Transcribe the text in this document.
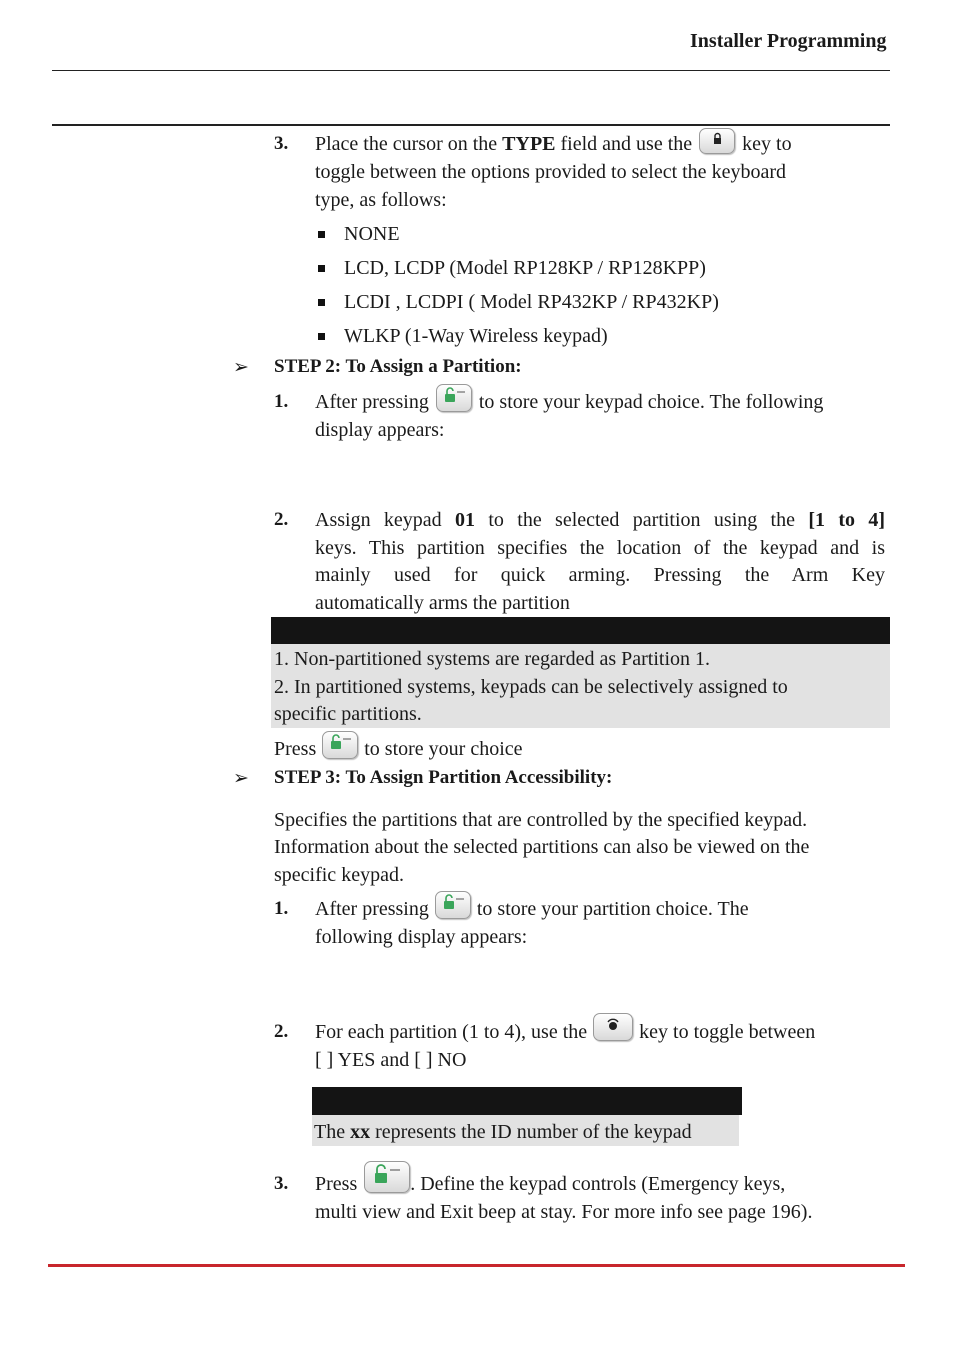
Installer Programming
3. Place the cursor on the TYPE field and use the	key to
toggle between the options provided to select the keyboard
type, as follows:
NONE
LCD, LCDP (Model RP128KP / RP128KPP)
LCDI , LCDPI ( Model RP432KP / RP432KP)
WLKP (1-Way Wireless keypad)
➢ STEP 2: To Assign a Partition:
1. After pressing	to store your keypad choice. The following
display appears:
2. Assign keypad 01 to the selected partition using the [1 to 4]
keys. This partition specifies the location of the keypad and is
mainly used for quick arming. Pressing the Arm Key
automatically arms the partition
1. Non-partitioned systems are regarded as Partition 1.
2. In partitioned systems, keypads can be selectively assigned to
specific partitions.
Press to store your choice
➢ STEP 3: To Assign Partition Accessibility:
Specifies the partitions that are controlled by the specified keypad.
Information about the selected partitions can also be viewed on the
specific keypad.
1. After pressing to store your partition choice. The
following display appears:
2. For each partition (1 to 4), use the	key to toggle between
[ ] YES and [ ] NO
The xx represents the ID number of the keypad
3. Press	. Define the keypad controls (Emergency keys,
multi view and Exit beep at stay. For more info see page 196).
